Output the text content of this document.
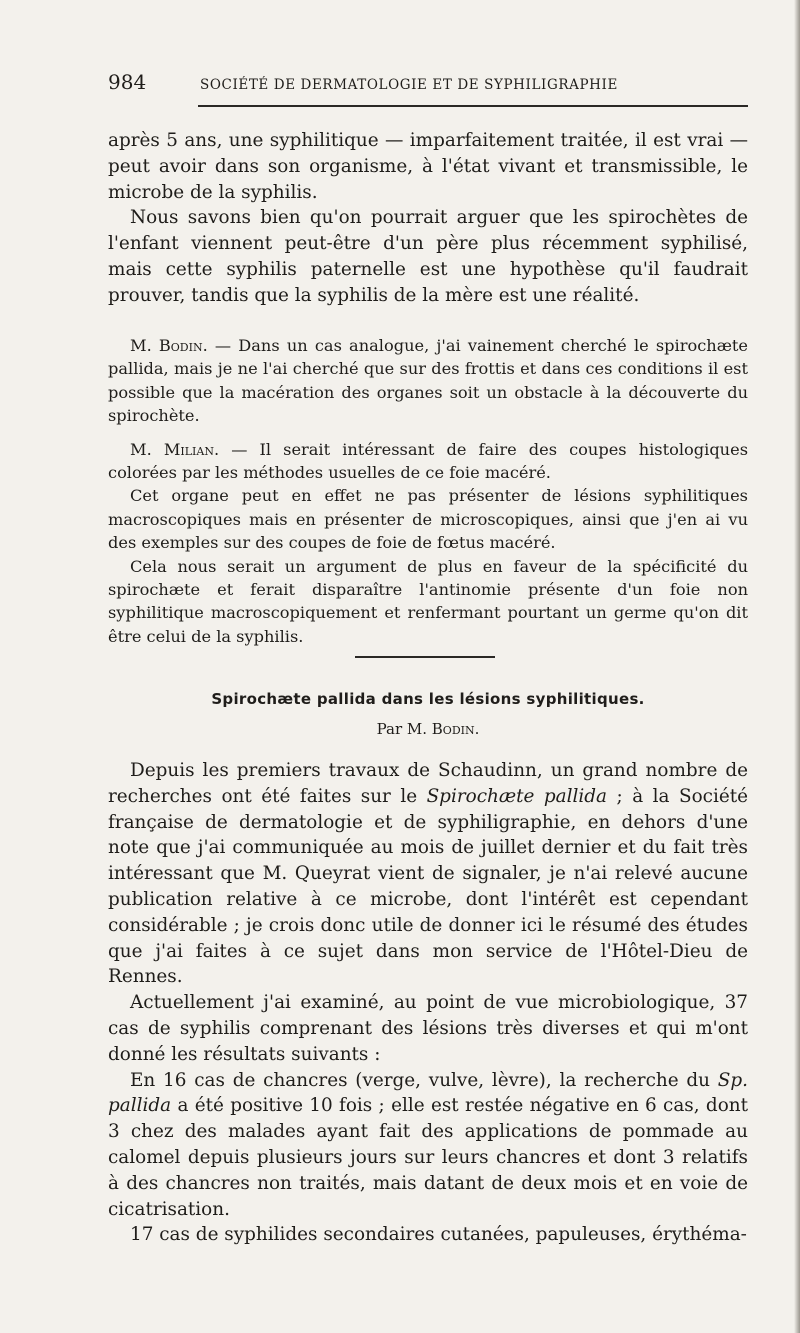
984	SOCIÉTÉ DE DERMATOLOGIE ET DE SYPHILIGRAPHIE

après 5 ans, une syphilitique — imparfaitement traitée, il est vrai — peut avoir dans son organisme, à l'état vivant et transmissible, le microbe de la syphilis.

Nous savons bien qu'on pourrait arguer que les spirochètes de l'enfant viennent peut-être d'un père plus récemment syphilisé, mais cette syphilis paternelle est une hypothèse qu'il faudrait prouver, tandis que la syphilis de la mère est une réalité.

M. Bodin. — Dans un cas analogue, j'ai vainement cherché le spirochæte pallida, mais je ne l'ai cherché que sur des frottis et dans ces conditions il est possible que la macération des organes soit un obstacle à la découverte du spirochète.

M. Milian. — Il serait intéressant de faire des coupes histologiques colorées par les méthodes usuelles de ce foie macéré.

Cet organe peut en effet ne pas présenter de lésions syphilitiques macroscopiques mais en présenter de microscopiques, ainsi que j'en ai vu des exemples sur des coupes de foie de fœtus macéré.

Cela nous serait un argument de plus en faveur de la spécificité du spirochæte et ferait disparaître l'antinomie présente d'un foie non syphilitique macroscopiquement et renfermant pourtant un germe qu'on dit être celui de la syphilis.

Spirochæte pallida dans les lésions syphilitiques.
Par M. Bodin.

Depuis les premiers travaux de Schaudinn, un grand nombre de recherches ont été faites sur le Spirochæte pallida ; à la Société française de dermatologie et de syphiligraphie, en dehors d'une note que j'ai communiquée au mois de juillet dernier et du fait très intéressant que M. Queyrat vient de signaler, je n'ai relevé aucune publication relative à ce microbe, dont l'intérêt est cependant considérable ; je crois donc utile de donner ici le résumé des études que j'ai faites à ce sujet dans mon service de l'Hôtel-Dieu de Rennes.

Actuellement j'ai examiné, au point de vue microbiologique, 37 cas de syphilis comprenant des lésions très diverses et qui m'ont donné les résultats suivants :

En 16 cas de chancres (verge, vulve, lèvre), la recherche du Sp. pallida a été positive 10 fois ; elle est restée négative en 6 cas, dont 3 chez des malades ayant fait des applications de pommade au calomel depuis plusieurs jours sur leurs chancres et dont 3 relatifs à des chancres non traités, mais datant de deux mois et en voie de cicatrisation.

17 cas de syphilides secondaires cutanées, papuleuses, érythéma-
